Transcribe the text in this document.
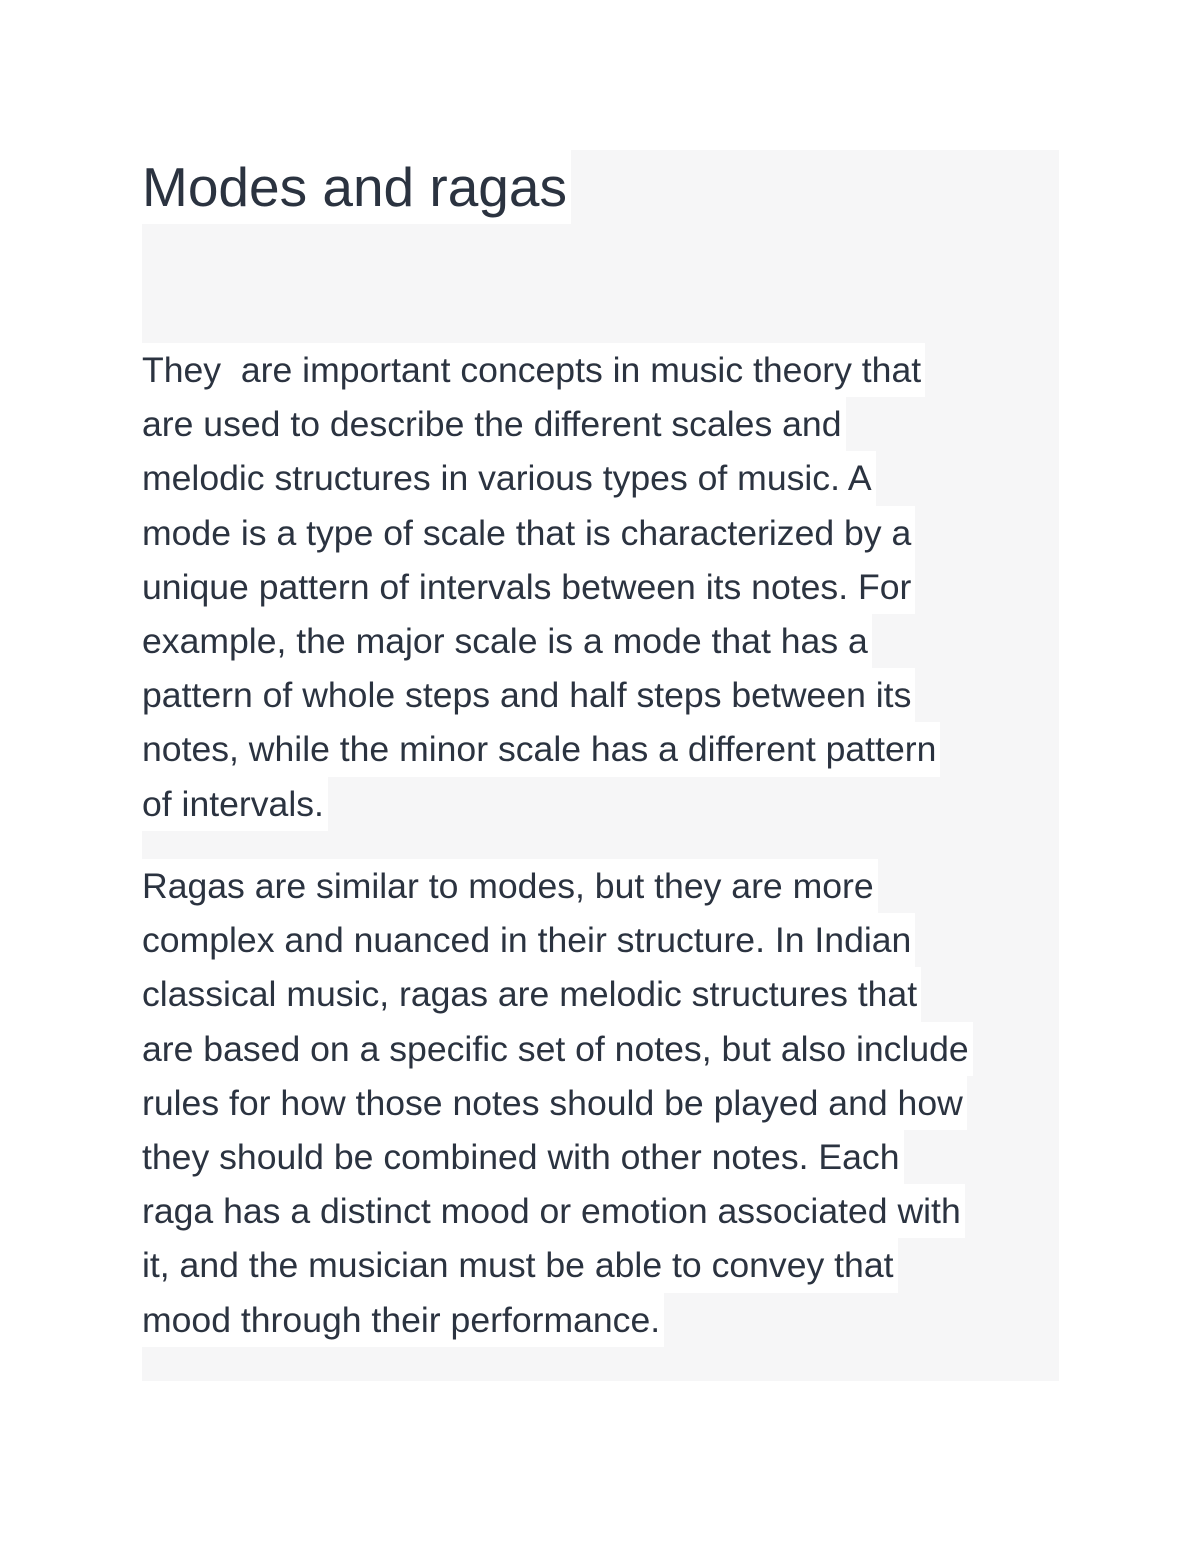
Modes and ragas

They  are important concepts in music theory that
are used to describe the different scales and
melodic structures in various types of music. A
mode is a type of scale that is characterized by a
unique pattern of intervals between its notes. For
example, the major scale is a mode that has a
pattern of whole steps and half steps between its
notes, while the minor scale has a different pattern
of intervals.

Ragas are similar to modes, but they are more
complex and nuanced in their structure. In Indian
classical music, ragas are melodic structures that
are based on a specific set of notes, but also include
rules for how those notes should be played and how
they should be combined with other notes. Each
raga has a distinct mood or emotion associated with
it, and the musician must be able to convey that
mood through their performance.
